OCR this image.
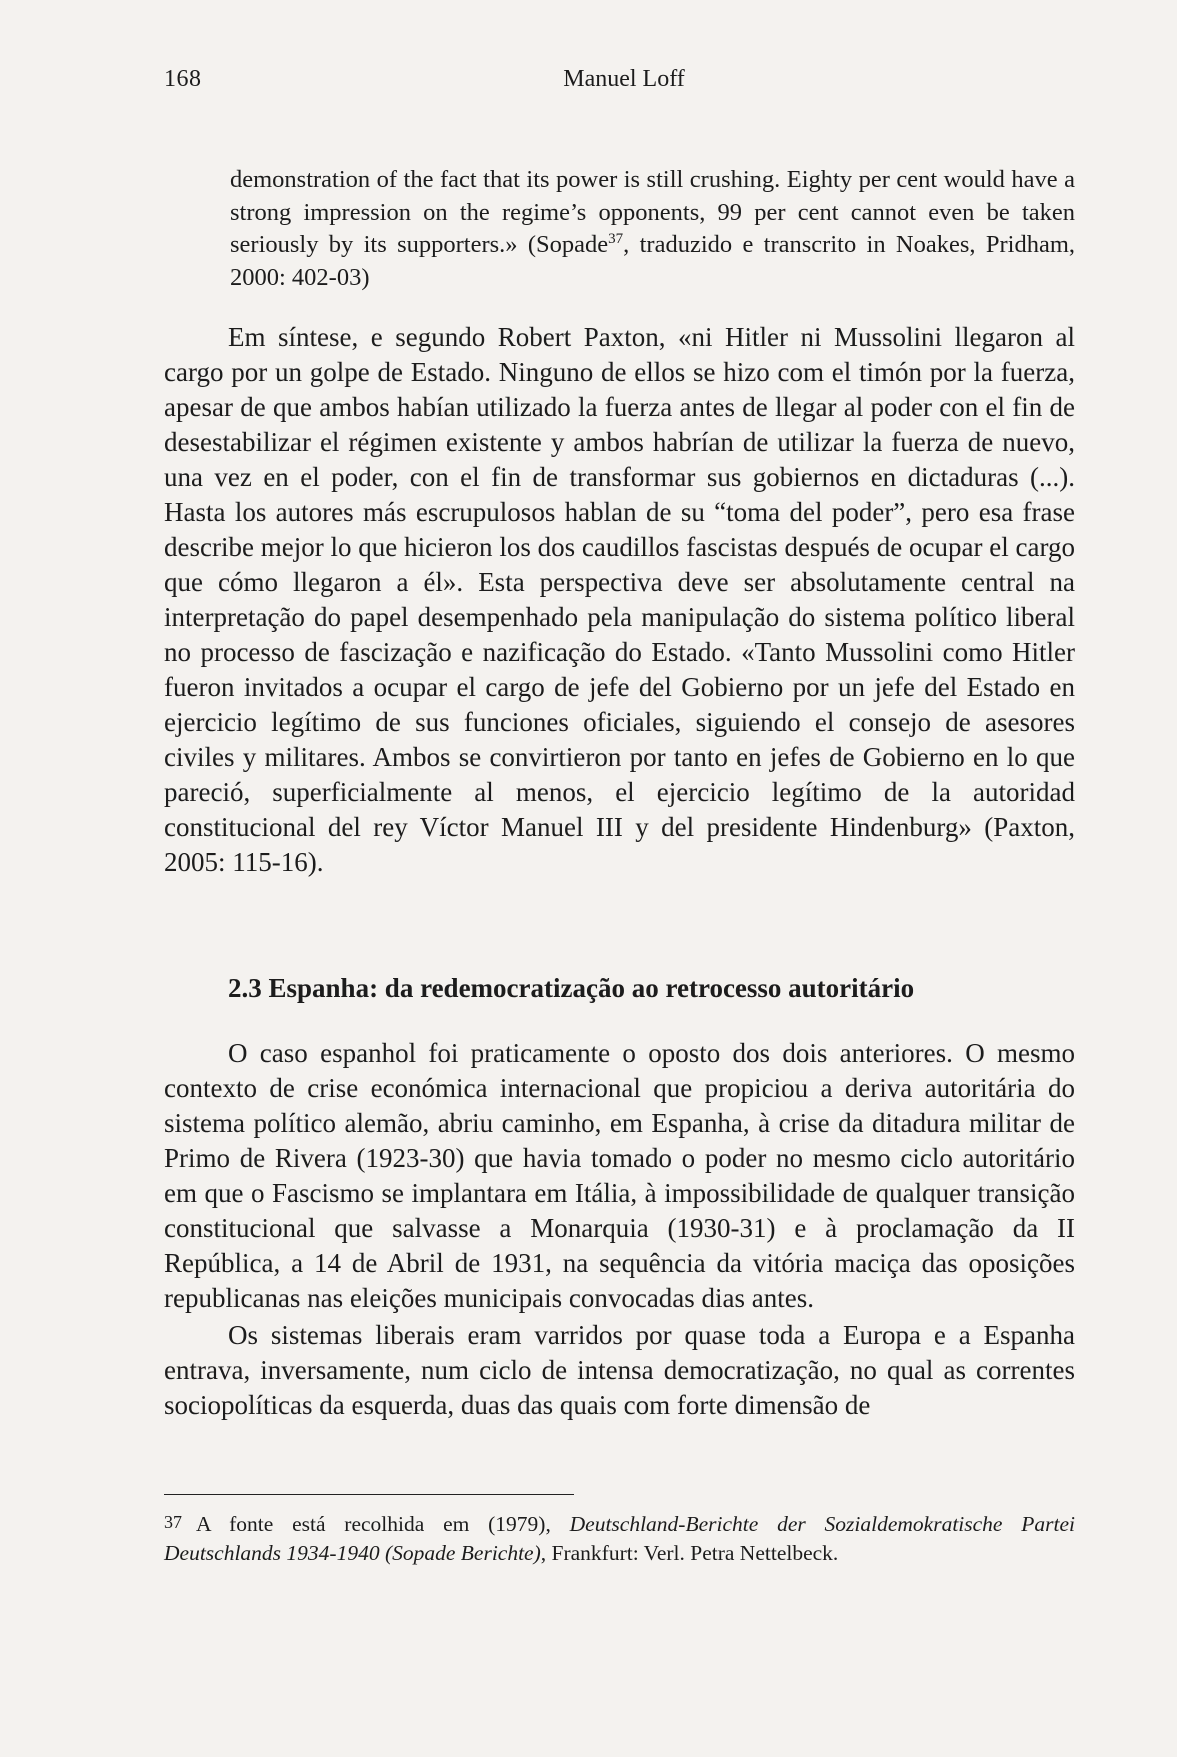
168	Manuel Loff
demonstration of the fact that its power is still crushing. Eighty per cent would have a strong impression on the regime’s opponents, 99 per cent cannot even be taken seriously by its supporters.» (Sopade$^{37}$, traduzido e transcrito in Noakes, Pridham, 2000: 402-03)

Em síntese, e segundo Robert Paxton, «ni Hitler ni Mussolini llegaron al cargo por un golpe de Estado. Ninguno de ellos se hizo com el timón por la fuerza, apesar de que ambos habían utilizado la fuerza antes de llegar al poder con el fin de desestabilizar el régimen existente y ambos habrían de utilizar la fuerza de nuevo, una vez en el poder, con el fin de transformar sus gobiernos en dictaduras (...). Hasta los autores más escrupulosos hablan de su “toma del poder”, pero esa frase describe mejor lo que hicieron los dos caudillos fascistas después de ocupar el cargo que cómo llegaron a él». Esta perspectiva deve ser absolutamente central na interpretação do papel desempenhado pela manipulação do sistema político liberal no processo de fascização e nazificação do Estado. «Tanto Mussolini como Hitler fueron invitados a ocupar el cargo de jefe del Gobierno por un jefe del Estado en ejercicio legítimo de sus funciones oficiales, siguiendo el consejo de asesores civiles y militares. Ambos se convirtieron por tanto en jefes de Gobierno en lo que pareció, superficialmente al menos, el ejercicio legítimo de la autoridad constitucional del rey Víctor Manuel III y del presidente Hindenburg» (Paxton, 2005: 115-16).

2.3 Espanha: da redemocratização ao retrocesso autoritário

O caso espanhol foi praticamente o oposto dos dois anteriores. O mesmo contexto de crise económica internacional que propiciou a deriva autoritária do sistema político alemão, abriu caminho, em Espanha, à crise da ditadura militar de Primo de Rivera (1923-30) que havia tomado o poder no mesmo ciclo autoritário em que o Fascismo se implantara em Itália, à impossibilidade de qualquer transição constitucional que salvasse a Monarquia (1930-31) e à proclamação da II República, a 14 de Abril de 1931, na sequência da vitória maciça das oposições republicanas nas eleições municipais convocadas dias antes.

Os sistemas liberais eram varridos por quase toda a Europa e a Espanha entrava, inversamente, num ciclo de intensa democratização, no qual as correntes sociopolíticas da esquerda, duas das quais com forte dimensão de

37 A fonte está recolhida em (1979), Deutschland-Berichte der Sozialdemokratische Partei Deutschlands 1934-1940 (Sopade Berichte), Frankfurt: Verl. Petra Nettelbeck.
